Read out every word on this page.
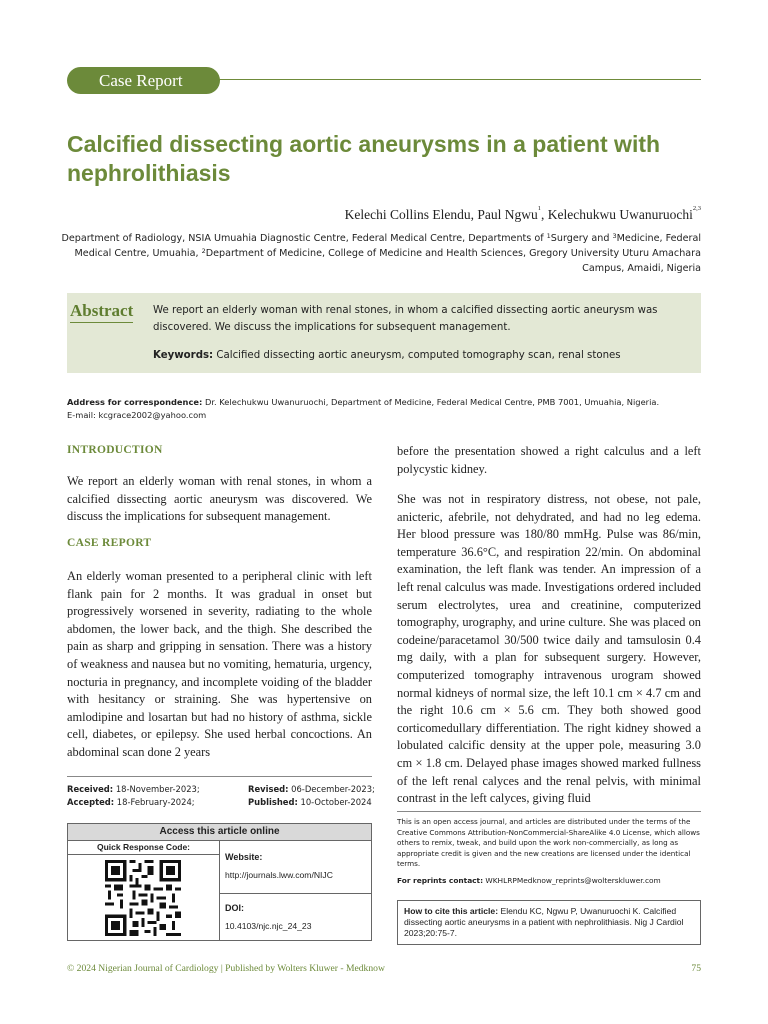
Case Report
Calcified dissecting aortic aneurysms in a patient with nephrolithiasis
Kelechi Collins Elendu, Paul Ngwu$^1$, Kelechukwu Uwanuruochi$^{2,3}$
Department of Radiology, NSIA Umuahia Diagnostic Centre, Federal Medical Centre, Departments of $^1$Surgery and $^3$Medicine, Federal Medical Centre, Umuahia, $^2$Department of Medicine, College of Medicine and Health Sciences, Gregory University Uturu Amachara Campus, Amaidi, Nigeria
Abstract We report an elderly woman with renal stones, in whom a calcified dissecting aortic aneurysm was discovered. We discuss the implications for subsequent management.
Keywords: Calcified dissecting aortic aneurysm, computed tomography scan, renal stones
Address for correspondence: Dr. Kelechukwu Uwanuruochi, Department of Medicine, Federal Medical Centre, PMB 7001, Umuahia, Nigeria.
E-mail: kcgrace2002@yahoo.com
INTRODUCTION
We report an elderly woman with renal stones, in whom a calcified dissecting aortic aneurysm was discovered. We discuss the implications for subsequent management.
CASE REPORT
An elderly woman presented to a peripheral clinic with left flank pain for 2 months. It was gradual in onset but progressively worsened in severity, radiating to the whole abdomen, the lower back, and the thigh. She described the pain as sharp and gripping in sensation. There was a history of weakness and nausea but no vomiting, hematuria, urgency, nocturia in pregnancy, and incomplete voiding of the bladder with hesitancy or straining. She was hypertensive on amlodipine and losartan but had no history of asthma, sickle cell, diabetes, or epilepsy. She used herbal concoctions. An abdominal scan done 2 years
before the presentation showed a right calculus and a left polycystic kidney.
She was not in respiratory distress, not obese, not pale, anicteric, afebrile, not dehydrated, and had no leg edema. Her blood pressure was 180/80 mmHg. Pulse was 86/min, temperature 36.6°C, and respiration 22/min. On abdominal examination, the left flank was tender. An impression of a left renal calculus was made. Investigations ordered included serum electrolytes, urea and creatinine, computerized tomography, urography, and urine culture. She was placed on codeine/paracetamol 30/500 twice daily and tamsulosin 0.4 mg daily, with a plan for subsequent surgery. However, computerized tomography intravenous urogram showed normal kidneys of normal size, the left 10.1 cm × 4.7 cm and the right 10.6 cm × 5.6 cm. They both showed good corticomedullary differentiation. The right kidney showed a lobulated calcific density at the upper pole, measuring 3.0 cm × 1.8 cm. Delayed phase images showed marked fullness of the left renal calyces and the renal pelvis, with minimal contrast in the left calyces, giving fluid
Received: 18-November-2023;	Revised: 06-December-2023;
Accepted: 18-February-2024;	Published: 10-October-2024
Access this article online
Quick Response Code:
Website:
http://journals.lww.com/NIJC
DOI:
10.4103/njc.njc_24_23
This is an open access journal, and articles are distributed under the terms of the Creative Commons Attribution-NonCommercial-ShareAlike 4.0 License, which allows others to remix, tweak, and build upon the work non-commercially, as long as appropriate credit is given and the new creations are licensed under the identical terms.
For reprints contact: WKHLRPMedknow_reprints@wolterskluwer.com
How to cite this article: Elendu KC, Ngwu P, Uwanuruochi K. Calcified dissecting aortic aneurysms in a patient with nephrolithiasis. Nig J Cardiol 2023;20:75-7.
© 2024 Nigerian Journal of Cardiology | Published by Wolters Kluwer - Medknow	75
